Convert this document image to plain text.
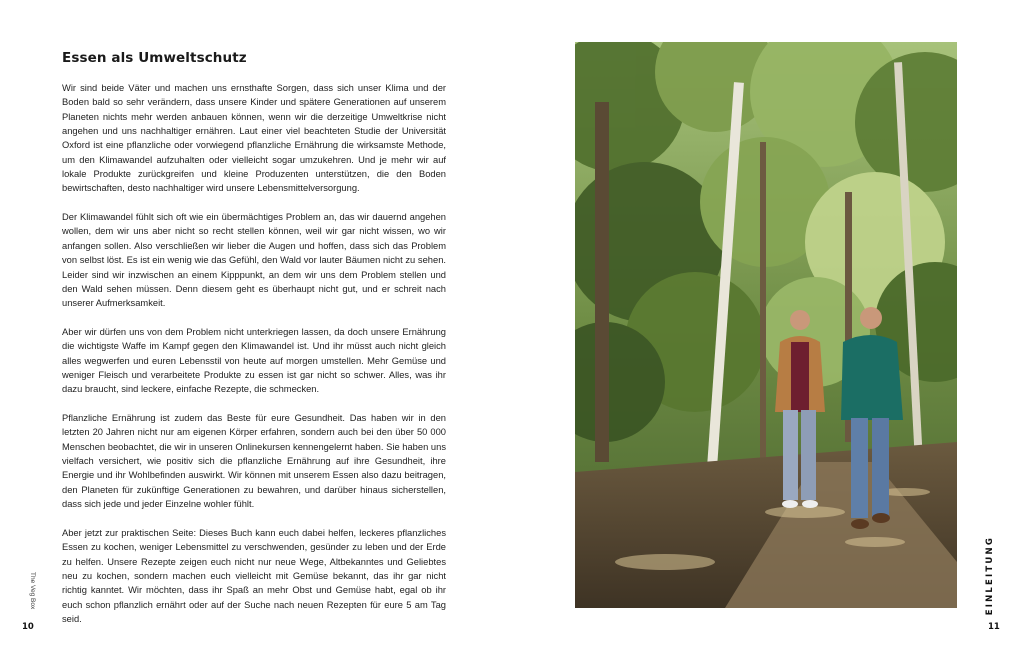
Essen als Umweltschutz

Wir sind beide Väter und machen uns ernsthafte Sorgen, dass sich unser Klima und der Boden bald so sehr verändern, dass unsere Kinder und spätere Generationen auf unserem Planeten nichts mehr werden anbauen können, wenn wir die derzeitige Umweltkrise nicht angehen und uns nachhaltiger ernähren. Laut einer viel beachteten Studie der Universität Oxford ist eine pflanzliche oder vorwiegend pflanzliche Ernährung die wirksamste Methode, um den Klimawandel aufzuhalten oder vielleicht sogar umzukehren. Und je mehr wir auf lokale Produkte zurückgreifen und kleine Produzenten unterstützen, die den Boden bewirtschaften, desto nachhaltiger wird unsere Lebensmittelversorgung.

Der Klimawandel fühlt sich oft wie ein übermächtiges Problem an, das wir dauernd angehen wollen, dem wir uns aber nicht so recht stellen können, weil wir gar nicht wissen, wo wir anfangen sollen. Also verschließen wir lieber die Augen und hoffen, dass sich das Problem von selbst löst. Es ist ein wenig wie das Gefühl, den Wald vor lauter Bäumen nicht zu sehen. Leider sind wir inzwischen an einem Kipppunkt, an dem wir uns dem Problem stellen und den Wald sehen müssen. Denn diesem geht es überhaupt nicht gut, und er schreit nach unserer Aufmerksamkeit.

Aber wir dürfen uns von dem Problem nicht unterkriegen lassen, da doch unsere Ernährung die wichtigste Waffe im Kampf gegen den Klimawandel ist. Und ihr müsst auch nicht gleich alles wegwerfen und euren Lebensstil von heute auf morgen umstellen. Mehr Gemüse und weniger Fleisch und verarbeitete Produkte zu essen ist gar nicht so schwer. Alles, was ihr dazu braucht, sind leckere, einfache Rezepte, die schmecken.

Pflanzliche Ernährung ist zudem das Beste für eure Gesundheit. Das haben wir in den letzten 20 Jahren nicht nur am eigenen Körper erfahren, sondern auch bei den über 50 000 Menschen beobachtet, die wir in unseren Onlinekursen kennengelernt haben. Sie haben uns vielfach versichert, wie positiv sich die pflanzliche Ernährung auf ihre Gesundheit, ihre Energie und ihr Wohlbefinden auswirkt. Wir können mit unserem Essen also dazu beitragen, den Planeten für zukünftige Generationen zu bewahren, und darüber hinaus sicherstellen, dass sich jede und jeder Einzelne wohler fühlt.

Aber jetzt zur praktischen Seite: Dieses Buch kann euch dabei helfen, leckeres pflanzliches Essen zu kochen, weniger Lebensmittel zu verschwenden, gesünder zu leben und der Erde zu helfen. Unsere Rezepte zeigen euch nicht nur neue Wege, Altbekanntes und Geliebtes neu zu kochen, sondern machen euch vielleicht mit Gemüse bekannt, das ihr gar nicht richtig kanntet. Wir möchten, dass ihr Spaß an mehr Obst und Gemüse habt, egal ob ihr euch schon pflanzlich ernährt oder auf der Suche nach neuen Rezepten für eure 5 am Tag seid.

The Veg Box

10

EINLEITUNG

11
